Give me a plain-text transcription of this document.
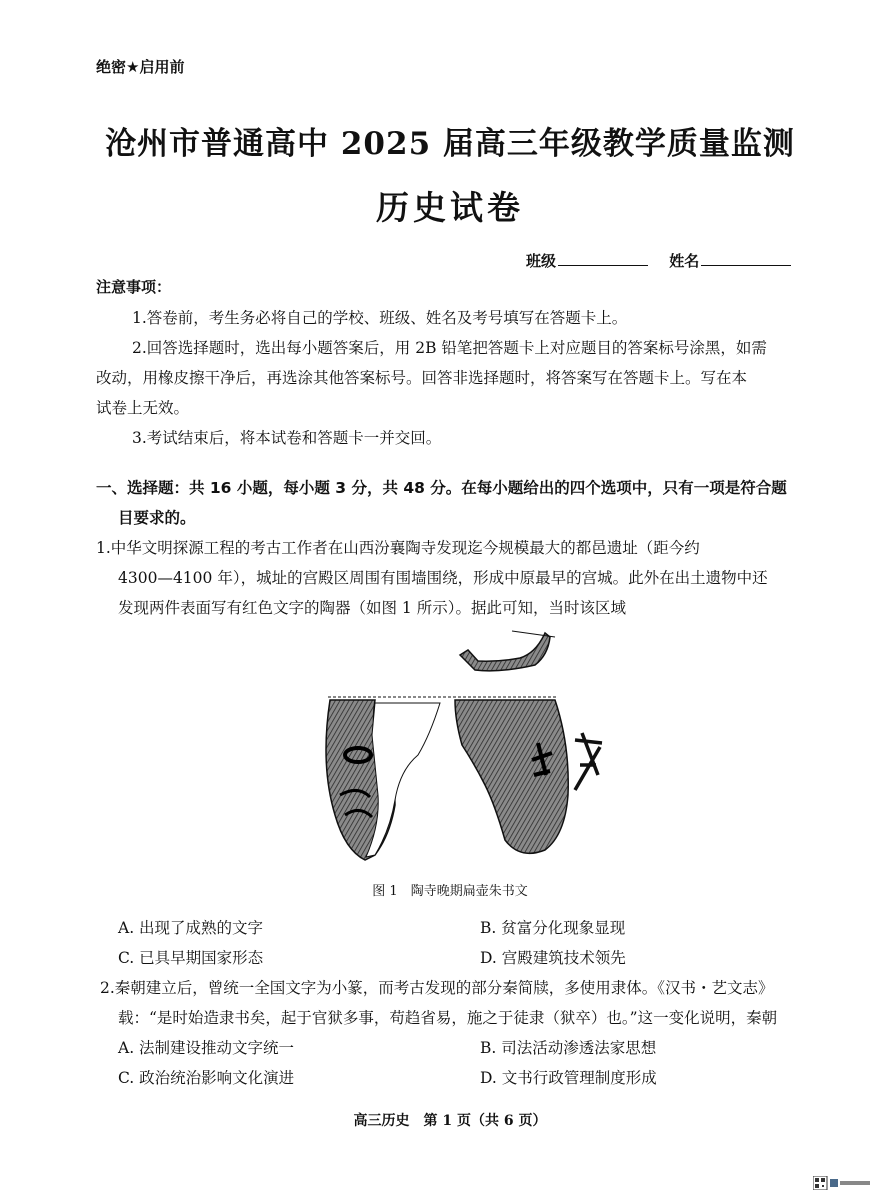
绝密★启用前
沧州市普通高中 2025 届高三年级教学质量监测
历史试卷
班级	姓名
注意事项：
1.答卷前，考生务必将自己的学校、班级、姓名及考号填写在答题卡上。
2.回答选择题时，选出每小题答案后，用 2B 铅笔把答题卡上对应题目的答案标号涂黑，如需
改动，用橡皮擦干净后，再选涂其他答案标号。回答非选择题时，将答案写在答题卡上。写在本
试卷上无效。
3.考试结束后，将本试卷和答题卡一并交回。
一、选择题：共 16 小题，每小题 3 分，共 48 分。在每小题给出的四个选项中，只有一项是符合题
目要求的。
1.中华文明探源工程的考古工作者在山西汾襄陶寺发现迄今规模最大的都邑遗址（距今约
4300—4100 年），城址的宫殿区周围有围墙围绕，形成中原最早的宫城。此外在出土遗物中还
发现两件表面写有红色文字的陶器（如图 1 所示）。据此可知，当时该区域
图 1　陶寺晚期扁壶朱书文
A. 出现了成熟的文字	B. 贫富分化现象显现
C. 已具早期国家形态	D. 宫殿建筑技术领先
2.秦朝建立后，曾统一全国文字为小篆，而考古发现的部分秦简牍，多使用隶体。《汉书・艺文志》
载：“是时始造隶书矣，起于官狱多事，苟趋省易，施之于徒隶（狱卒）也。”这一变化说明，秦朝
A. 法制建设推动文字统一	B. 司法活动渗透法家思想
C. 政治统治影响文化演进	D. 文书行政管理制度形成
高三历史　第 1 页（共 6 页）
